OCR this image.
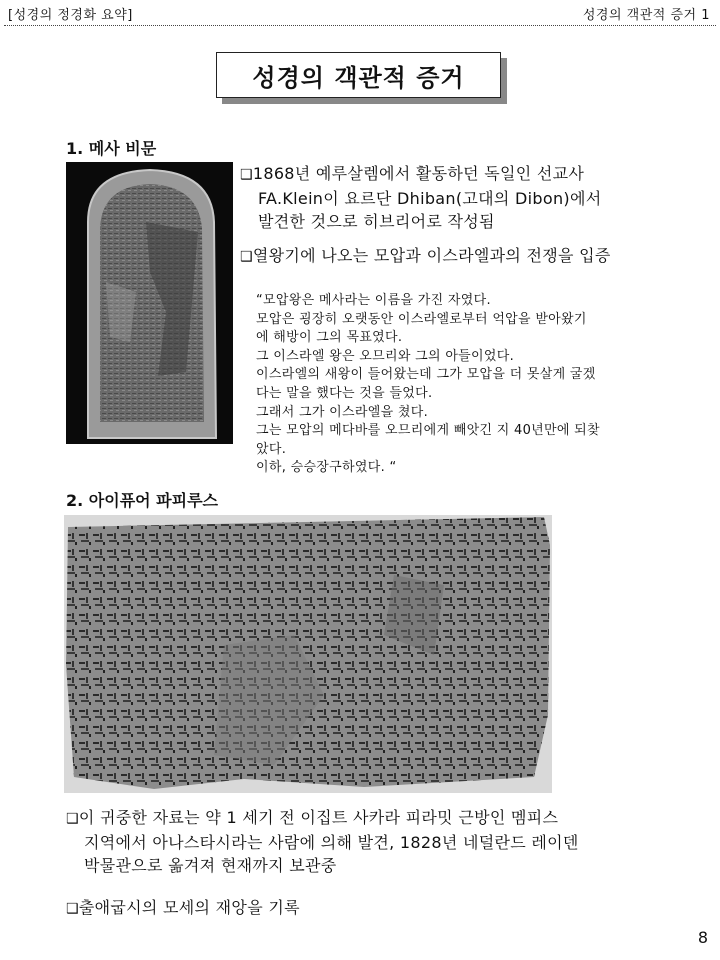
[성경의 정경화 요약]	성경의 객관적 증거 1
성경의 객관적 증거
1. 메사 비문
❑1868년 예루살렘에서 활동하던 독일인 선교사
FA.Klein이 요르단 Dhiban(고대의 Dibon)에서
발견한 것으로 히브리어로 작성됨
❑열왕기에 나오는 모압과 이스라엘과의 전쟁을 입증
“모압왕은 메사라는 이름을 가진 자였다.
모압은 굉장히 오랫동안 이스라엘로부터 억압을 받아왔기
에 해방이 그의 목표였다.
그 이스라엘 왕은 오므리와 그의 아들이었다.
이스라엘의 새왕이 들어왔는데 그가 모압을 더 못살게 굴겠
다는 말을 했다는 것을 들었다.
그래서 그가 이스라엘을 쳤다.
그는 모압의 메다바를 오므리에게 빼앗긴 지 40년만에 되찾
았다.
이하, 승승장구하였다. “
2. 아이퓨어 파피루스
❑이 귀중한 자료는 약 1 세기 전 이집트 사카라 피라밋 근방인 멤피스
지역에서 아나스타시라는 사람에 의해 발견, 1828년 네덜란드 레이덴
박물관으로 옮겨져 현재까지 보관중
❑출애굽시의 모세의 재앙을 기록
8
